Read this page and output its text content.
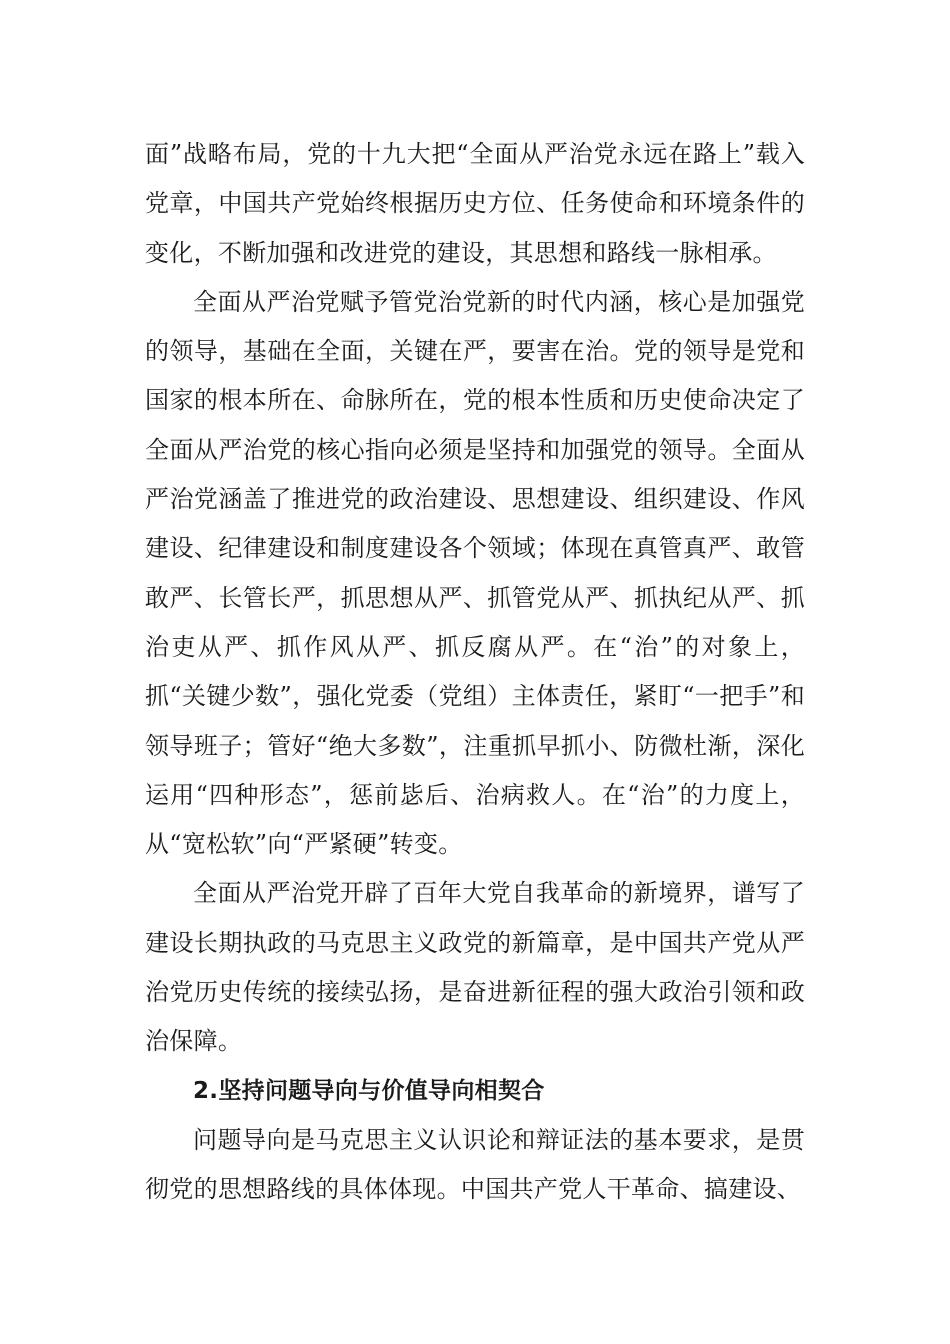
面”战略布局，党的十九大把“全面从严治党永远在路上”载入党章，中国共产党始终根据历史方位、任务使命和环境条件的变化，不断加强和改进党的建设，其思想和路线一脉相承。

全面从严治党赋予管党治党新的时代内涵，核心是加强党的领导，基础在全面，关键在严，要害在治。党的领导是党和国家的根本所在、命脉所在，党的根本性质和历史使命决定了全面从严治党的核心指向必须是坚持和加强党的领导。全面从严治党涵盖了推进党的政治建设、思想建设、组织建设、作风建设、纪律建设和制度建设各个领域；体现在真管真严、敢管敢严、长管长严，抓思想从严、抓管党从严、抓执纪从严、抓治吏从严、抓作风从严、抓反腐从严。在“治”的对象上，抓“关键少数”，强化党委（党组）主体责任，紧盯“一把手”和领导班子；管好“绝大多数”，注重抓早抓小、防微杜渐，深化运用“四种形态”，惩前毖后、治病救人。在“治”的力度上，从“宽松软”向“严紧硬”转变。

全面从严治党开辟了百年大党自我革命的新境界，谱写了建设长期执政的马克思主义政党的新篇章，是中国共产党从严治党历史传统的接续弘扬，是奋进新征程的强大政治引领和政治保障。

2.坚持问题导向与价值导向相契合

问题导向是马克思主义认识论和辩证法的基本要求，是贯彻党的思想路线的具体体现。中国共产党人干革命、搞建设、
